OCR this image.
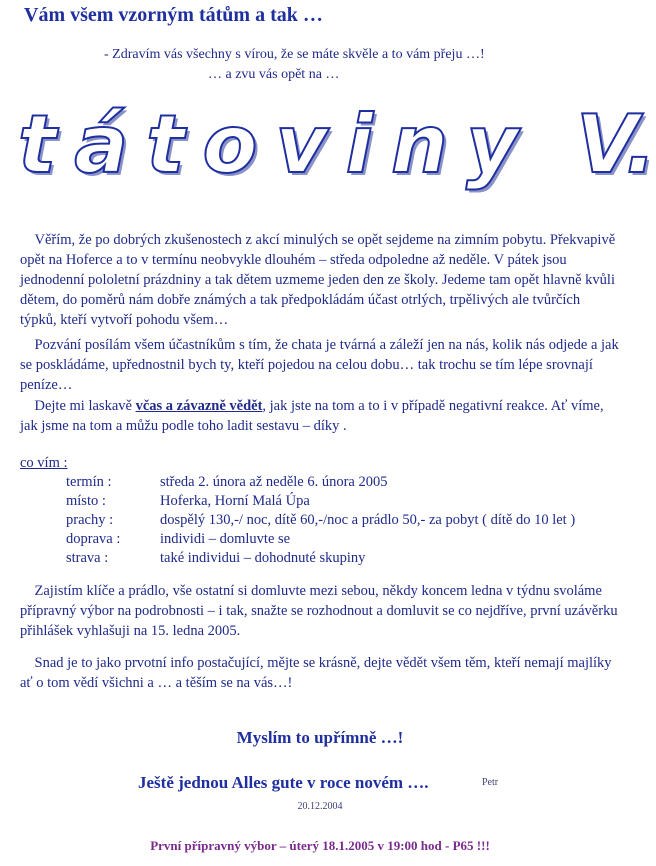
Vám všem vzorným tátům a tak …
- Zdravím vás všechny s vírou, že se máte skvěle a to vám přeju …!
… a zvu vás opět na …
tátoviny V.
Věřím, že po dobrých zkušenostech z akcí minulých se opět sejdeme na zimním pobytu. Překvapivě opět na Hoferce a to v termínu neobvykle dlouhém – středa odpoledne až neděle. V pátek jsou jednodenní pololetní prázdniny a tak dětem uzmeme jeden den ze školy. Jedeme tam opět hlavně kvůli dětem, do poměrů nám dobře známých a tak předpokládám účast otrlých, trpělivých ale tvůrčích týpků, kteří vytvoří pohodu všem…
Pozvání posílám všem účastníkům s tím, že chata je tvárná a záleží jen na nás, kolik nás odjede a jak se poskládáme, upřednostnil bych ty, kteří pojedou na celou dobu… tak trochu se tím lépe srovnají peníze…
Dejte mi laskavě včas a závazně vědět, jak jste na tom a to i v případě negativní reakce. Ať víme, jak jsme na tom a můžu podle toho ladit sestavu – díky .
co vím :
termín :	středa 2. února až neděle 6. února 2005
místo :	Hoferka, Horní Malá Úpa
prachy :	dospělý 130,-/ noc, dítě 60,-/noc a prádlo 50,- za pobyt ( dítě do 10 let )
doprava :	individi – domluvte se
strava :	také individui – dohodnuté skupiny
Zajistím klíče a prádlo, vše ostatní si domluvte mezi sebou, někdy koncem ledna v týdnu svoláme přípravný výbor na podrobnosti – i tak, snažte se rozhodnout a domluvit se co nejdříve, první uzávěrku přihlášek vyhlašuji na 15. ledna 2005.
Snad je to jako prvotní info postačující, mějte se krásně, dejte vědět všem těm, kteří nemají majlíky ať o tom vědí všichni a … a těším se na vás…!
Myslím to upřímně …!
Ještě jednou Alles gute v roce novém ….	Petr
20.12.2004
První přípravný výbor – úterý 18.1.2005 v 19:00 hod - P65 !!!
